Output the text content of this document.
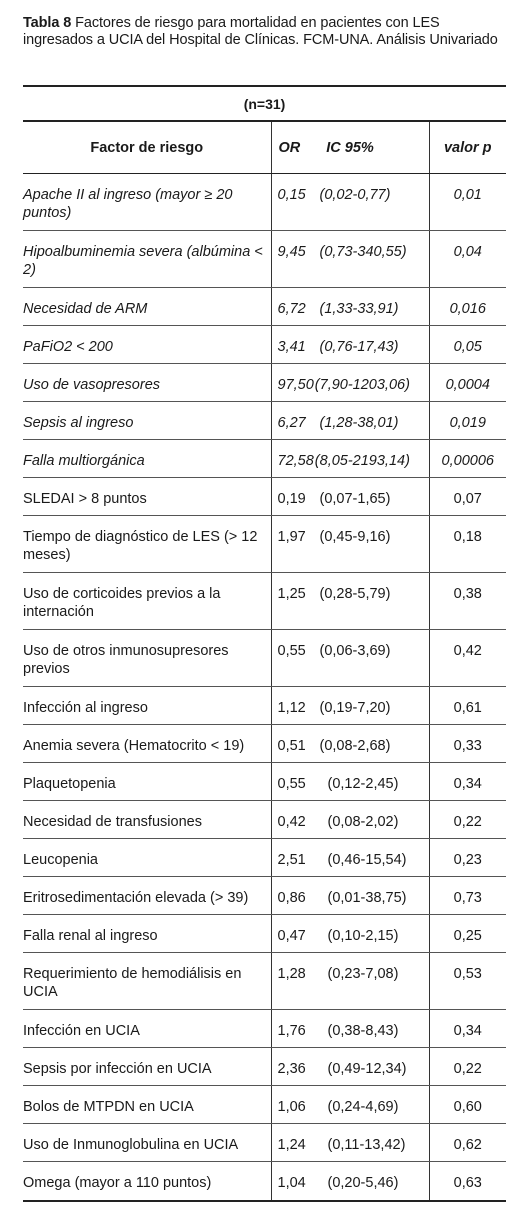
Tabla 8 Factores de riesgo para mortalidad en pacientes con LES ingresados a UCIA del Hospital de Clínicas. FCM-UNA. Análisis Univariado
(n=31)		
Factor de riesgo	OR IC 95%	valor p
Apache II al ingreso (mayor ≥ 20 puntos)	0,15 (0,02-0,77)	0,01
Hipoalbuminemia severa (albúmina < 2)	9,45 (0,73-340,55)	0,04
Necesidad de ARM	6,72 (1,33-33,91)	0,016
PaFiO2 < 200	3,41 (0,76-17,43)	0,05
Uso de vasopresores	97,50(7,90-1203,06)	0,0004
Sepsis al ingreso	6,27 (1,28-38,01)	0,019
Falla multiorgánica	72,58(8,05-2193,14)	0,00006
SLEDAI > 8 puntos	0,19 (0,07-1,65)	0,07
Tiempo de diagnóstico de LES (> 12 meses)	1,97 (0,45-9,16)	0,18
Uso de corticoides previos a la internación	1,25 (0,28-5,79)	0,38
Uso de otros inmunosupresores previos	0,55 (0,06-3,69)	0,42
Infección al ingreso	1,12 (0,19-7,20)	0,61
Anemia severa (Hematocrito < 19)	0,51 (0,08-2,68)	0,33
Plaquetopenia	0,55 (0,12-2,45)	0,34
Necesidad de transfusiones	0,42 (0,08-2,02)	0,22
Leucopenia	2,51 (0,46-15,54)	0,23
Eritrosedimentación elevada (> 39)	0,86 (0,01-38,75)	0,73
Falla renal al ingreso	0,47 (0,10-2,15)	0,25
Requerimiento de hemodiálisis en UCIA	1,28 (0,23-7,08)	0,53
Infección en UCIA	1,76 (0,38-8,43)	0,34
Sepsis por infección en UCIA	2,36 (0,49-12,34)	0,22
Bolos de MTPDN en UCIA	1,06 (0,24-4,69)	0,60
Uso de Inmunoglobulina en UCIA	1,24 (0,11-13,42)	0,62
Omega (mayor a 110 puntos)	1,04 (0,20-5,46)	0,63
